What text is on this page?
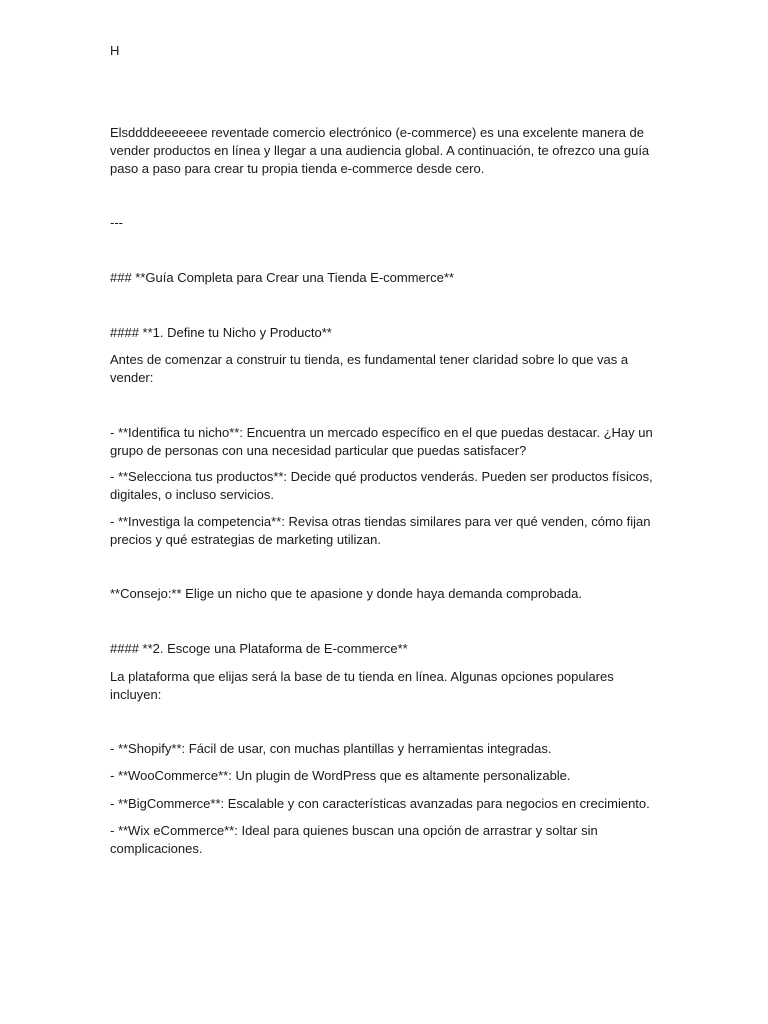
H

Elsddddeeeeeee reventade comercio electrónico (e-commerce) es una excelente manera de vender productos en línea y llegar a una audiencia global. A continuación, te ofrezco una guía paso a paso para crear tu propia tienda e-commerce desde cero.

---

### **Guía Completa para Crear una Tienda E-commerce**

#### **1. Define tu Nicho y Producto**

Antes de comenzar a construir tu tienda, es fundamental tener claridad sobre lo que vas a vender:

- **Identifica tu nicho**: Encuentra un mercado específico en el que puedas destacar. ¿Hay un grupo de personas con una necesidad particular que puedas satisfacer?

- **Selecciona tus productos**: Decide qué productos venderás. Pueden ser productos físicos, digitales, o incluso servicios.

- **Investiga la competencia**: Revisa otras tiendas similares para ver qué venden, cómo fijan precios y qué estrategias de marketing utilizan.

**Consejo:** Elige un nicho que te apasione y donde haya demanda comprobada.

#### **2. Escoge una Plataforma de E-commerce**

La plataforma que elijas será la base de tu tienda en línea. Algunas opciones populares incluyen:

- **Shopify**: Fácil de usar, con muchas plantillas y herramientas integradas.

- **WooCommerce**: Un plugin de WordPress que es altamente personalizable.

- **BigCommerce**: Escalable y con características avanzadas para negocios en crecimiento.

- **Wix eCommerce**: Ideal para quienes buscan una opción de arrastrar y soltar sin complicaciones.
